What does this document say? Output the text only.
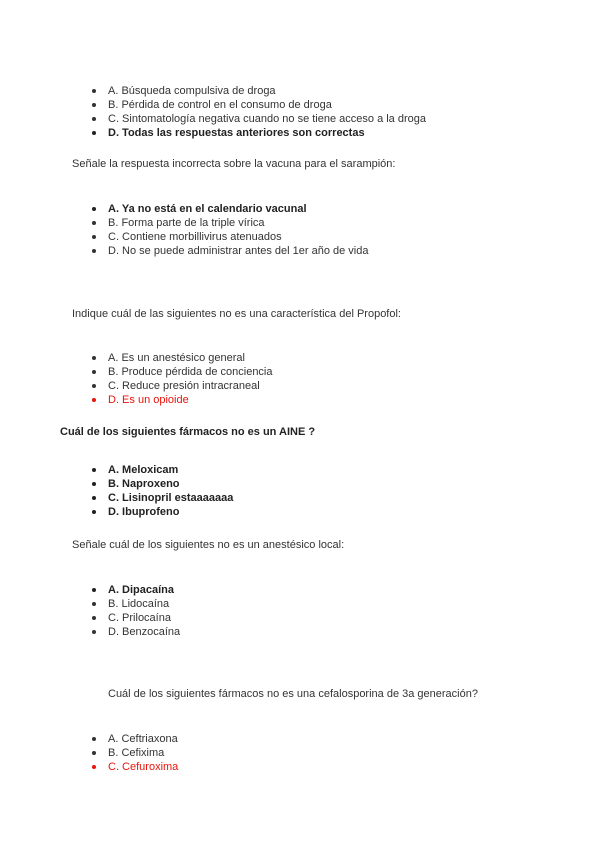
A. Búsqueda compulsiva de droga
B. Pérdida de control en el consumo de droga
C. Sintomatología negativa cuando no se tiene acceso a la droga
D. Todas las respuestas anteriores son correctas
Señale la respuesta incorrecta sobre la vacuna para el sarampión:
A. Ya no está en el calendario vacunal
B. Forma parte de la triple vírica
C. Contiene morbillivirus atenuados
D. No se puede administrar antes del 1er año de vida
Indique cuál de las siguientes no es una característica del Propofol:
A. Es un anestésico general
B. Produce pérdida de conciencia
C. Reduce presión intracraneal
D. Es un opioide
Cuál de los siguientes fármacos no es un AINE ?
A. Meloxicam
B. Naproxeno
C. Lisinopril estaaaaaaa
D. Ibuprofeno
Señale cuál de los siguientes no es un anestésico local:
A. Dipacaína
B. Lidocaína
C. Prilocaína
D. Benzocaína
Cuál de los siguientes fármacos no es una cefalosporina de 3a generación?
A. Ceftriaxona
B. Cefixima
C. Cefuroxima
